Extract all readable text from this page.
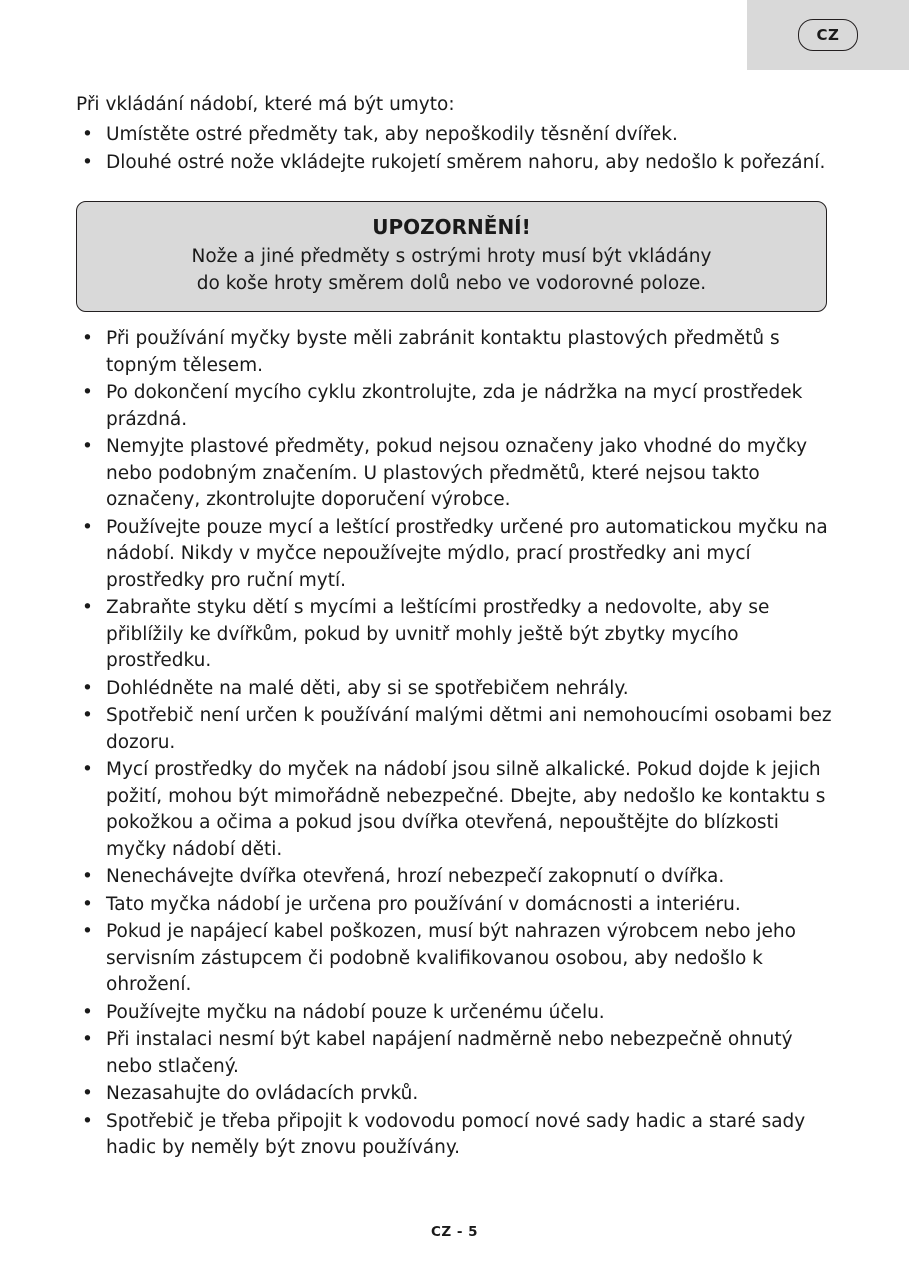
CZ

Při vkládání nádobí, které má být umyto:

• Umístěte ostré předměty tak, aby nepoškodily těsnění dvířek.
• Dlouhé ostré nože vkládejte rukojetí směrem nahoru, aby nedošlo k pořezání.
UPOZORNĚNÍ!
Nože a jiné předměty s ostrými hroty musí být vkládány
do koše hroty směrem dolů nebo ve vodorovné poloze.
• Při používání myčky byste měli zabránit kontaktu plastových předmětů s topným tělesem.
• Po dokončení mycího cyklu zkontrolujte, zda je nádržka na mycí prostředek prázdná.
• Nemyjte plastové předměty, pokud nejsou označeny jako vhodné do myčky nebo podobným značením. U plastových předmětů, které nejsou takto označeny, zkontrolujte doporučení výrobce.
• Používejte pouze mycí a leštící prostředky určené pro automatickou myčku na nádobí. Nikdy v myčce nepoužívejte mýdlo, prací prostředky ani mycí prostředky pro ruční mytí.
• Zabraňte styku dětí s mycími a leštícími prostředky a nedovolte, aby se přiblížily ke dvířkům, pokud by uvnitř mohly ještě být zbytky mycího prostředku.
• Dohlédněte na malé děti, aby si se spotřebičem nehrály.
• Spotřebič není určen k používání malými dětmi ani nemohoucími osobami bez dozoru.
• Mycí prostředky do myček na nádobí jsou silně alkalické. Pokud dojde k jejich požití, mohou být mimořádně nebezpečné. Dbejte, aby nedošlo ke kontaktu s pokožkou a očima a pokud jsou dvířka otevřená, nepouštějte do blízkosti myčky nádobí děti.
• Nenechávejte dvířka otevřená, hrozí nebezpečí zakopnutí o dvířka.
• Tato myčka nádobí je určena pro používání v domácnosti a interiéru.
• Pokud je napájecí kabel poškozen, musí být nahrazen výrobcem nebo jeho servisním zástupcem či podobně kvalifikovanou osobou, aby nedošlo k ohrožení.
• Používejte myčku na nádobí pouze k určenému účelu.
• Při instalaci nesmí být kabel napájení nadměrně nebo nebezpečně ohnutý nebo stlačený.
• Nezasahujte do ovládacích prvků.
• Spotřebič je třeba připojit k vodovodu pomocí nové sady hadic a staré sady hadic by neměly být znovu používány.
CZ - 5
